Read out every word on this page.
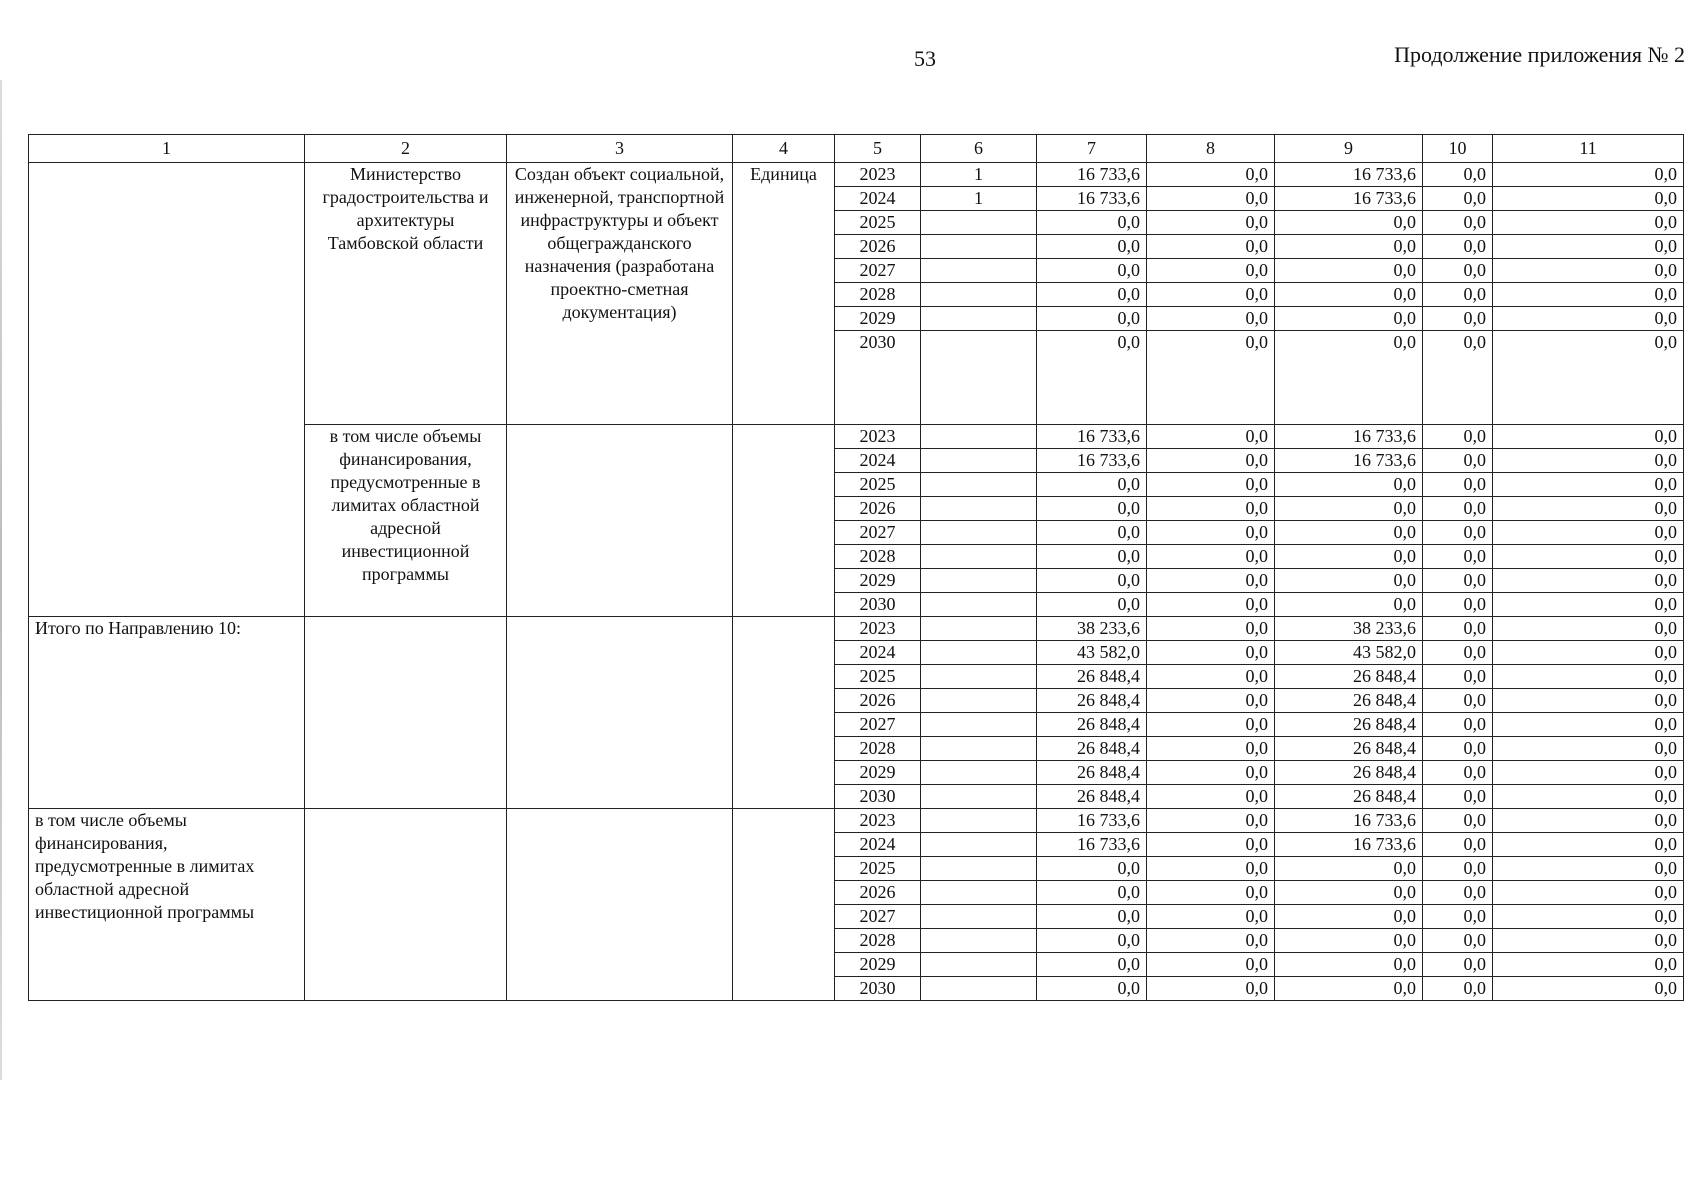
53	Продолжение приложения № 2
1	2	3	4	5	6	7	8	9	10	11
	Министерство градостроительства и архитектуры Тамбовской области	Создан объект социальной, инженерной, транспортной инфраструктуры и объект общегражданского назначения (разработана проектно-сметная документация)	Единица	2023	1	16 733,6	0,0	16 733,6	0,0	0,0
				2024	1	16 733,6	0,0	16 733,6	0,0	0,0
				2025		0,0	0,0	0,0	0,0	0,0
				2026		0,0	0,0	0,0	0,0	0,0
				2027		0,0	0,0	0,0	0,0	0,0
				2028		0,0	0,0	0,0	0,0	0,0
				2029		0,0	0,0	0,0	0,0	0,0
				2030		0,0	0,0	0,0	0,0	0,0
	в том числе объемы финансирования, предусмотренные в лимитах областной адресной инвестиционной программы			2023		16 733,6	0,0	16 733,6	0,0	0,0
				2024		16 733,6	0,0	16 733,6	0,0	0,0
				2025		0,0	0,0	0,0	0,0	0,0
				2026		0,0	0,0	0,0	0,0	0,0
				2027		0,0	0,0	0,0	0,0	0,0
				2028		0,0	0,0	0,0	0,0	0,0
				2029		0,0	0,0	0,0	0,0	0,0
				2030		0,0	0,0	0,0	0,0	0,0
Итого по Направлению 10:				2023		38 233,6	0,0	38 233,6	0,0	0,0
				2024		43 582,0	0,0	43 582,0	0,0	0,0
				2025		26 848,4	0,0	26 848,4	0,0	0,0
				2026		26 848,4	0,0	26 848,4	0,0	0,0
				2027		26 848,4	0,0	26 848,4	0,0	0,0
				2028		26 848,4	0,0	26 848,4	0,0	0,0
				2029		26 848,4	0,0	26 848,4	0,0	0,0
				2030		26 848,4	0,0	26 848,4	0,0	0,0
в том числе объемы финансирования, предусмотренные в лимитах областной адресной инвестиционной программы				2023		16 733,6	0,0	16 733,6	0,0	0,0
				2024		16 733,6	0,0	16 733,6	0,0	0,0
				2025		0,0	0,0	0,0	0,0	0,0
				2026		0,0	0,0	0,0	0,0	0,0
				2027		0,0	0,0	0,0	0,0	0,0
				2028		0,0	0,0	0,0	0,0	0,0
				2029		0,0	0,0	0,0	0,0	0,0
				2030		0,0	0,0	0,0	0,0	0,0
